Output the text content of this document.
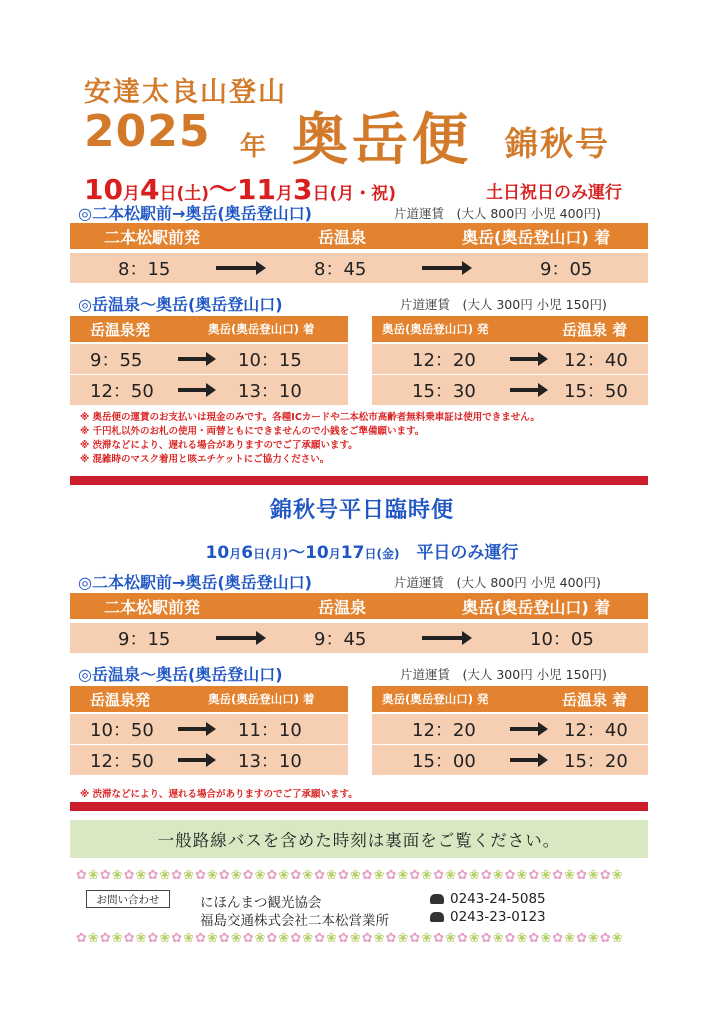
安達太良山登山
2025 年 奥岳便 錦秋号
10月4日(土)〜11月3日(月・祝)	土日祝日のみ運行
◎二本松駅前→奥岳(奥岳登山口)	片道運賃　(大人 800円 小児 400円)
二本松駅前発	岳温泉	奥岳(奥岳登山口) 着
8：15	8：45	9：05
◎岳温泉〜奥岳(奥岳登山口)	片道運賃　(大人 300円 小児 150円)
岳温泉発	奥岳(奥岳登山口) 着
9：55	10：15
12：50	13：10
奥岳(奥岳登山口) 発	岳温泉 着
12：20	12：40
15：30	15：50
※ 奥岳便の運賃のお支払いは現金のみです。各種ICカードや二本松市高齢者無料乗車証は使用できません。
※ 千円札以外のお札の使用・両替ともにできませんので小銭をご準備願います。
※ 渋滞などにより、遅れる場合がありますのでご了承願います。
※ 混雑時のマスク着用と咳エチケットにご協力ください。
錦秋号平日臨時便
10月6日(月)〜10月17日(金)　 平日のみ運行
◎二本松駅前→奥岳(奥岳登山口)	片道運賃　(大人 800円 小児 400円)
二本松駅前発	岳温泉	奥岳(奥岳登山口) 着
9：15	9：45	10：05
◎岳温泉〜奥岳(奥岳登山口)	片道運賃　(大人 300円 小児 150円)
岳温泉発	奥岳(奥岳登山口) 着
10：50	11：10
12：50	13：10
奥岳(奥岳登山口) 発	岳温泉 着
12：20	12：40
15：00	15：20
※ 渋滞などにより、遅れる場合がありますのでご了承願います。
一般路線バスを含めた時刻は裏面をご覧ください。
✿❀✿❀✿❀✿❀✿❀✿❀✿❀✿❀✿❀✿❀✿❀✿❀✿❀✿❀✿❀✿❀✿❀✿❀✿❀✿❀✿❀✿❀✿❀
お問い合わせ	にほんまつ観光協会
福島交通株式会社二本松営業所
0243-24-5085
0243-23-0123
✿❀✿❀✿❀✿❀✿❀✿❀✿❀✿❀✿❀✿❀✿❀✿❀✿❀✿❀✿❀✿❀✿❀✿❀✿❀✿❀✿❀✿❀✿❀
